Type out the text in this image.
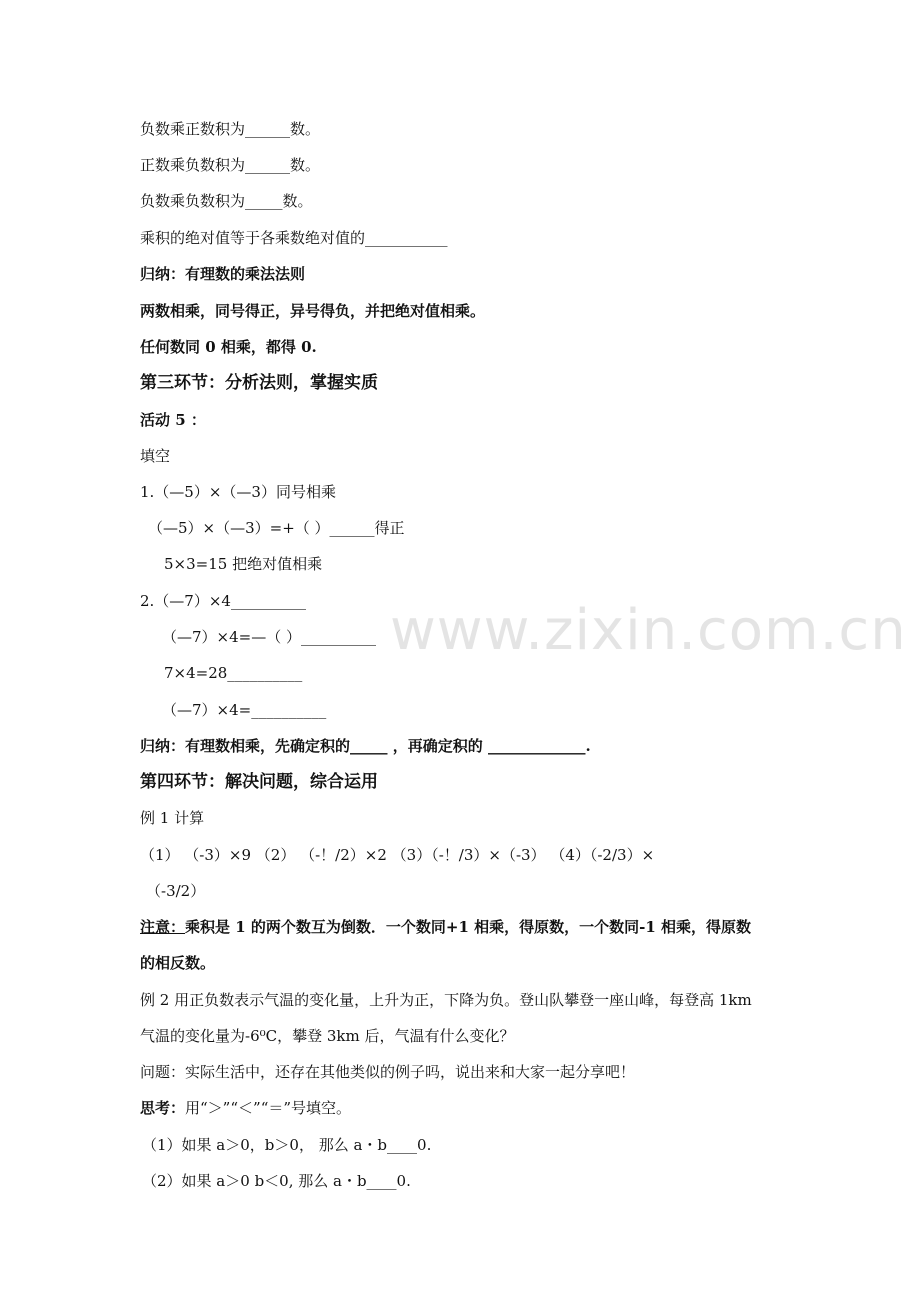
www.zixin.com.cn
负数乘正数积为______数。
正数乘负数积为______数。
负数乘负数积为_____数。
乘积的绝对值等于各乘数绝对值的___________
归纳：有理数的乘法法则
两数相乘，同号得正，异号得负，并把绝对值相乘。
任何数同 0 相乘，都得 0.
第三环节：分析法则，掌握实质
活动 5 ：
填空
1.（—5）×（—3）同号相乘
（—5）×（—3）=+（ ）______得正
5×3=15 把绝对值相乘
2.（—7）×4__________
（—7）×4=—（ ）__________
7×4=28__________
（—7）×4=__________
归纳：有理数相乘，先确定积的_____ ，再确定积的 _____________.
第四环节：解决问题，综合运用
例 1 计算
（1） （-3）×9 （2） （-！/2）×2 （3）（-！/3）×（-3） （4）（-2/3）×
（-3/2）
注意：乘积是 1 的两个数互为倒数．一个数同+1 相乘，得原数，一个数同-1 相乘，得原数
的相反数。
例 2 用正负数表示气温的变化量，上升为正，下降为负。登山队攀登一座山峰，每登高 1km
气温的变化量为-6⁰C，攀登 3km 后，气温有什么变化？
问题：实际生活中，还存在其他类似的例子吗，说出来和大家一起分享吧！
思考：用“＞”“＜”“＝”号填空。
（1）如果 a＞0，b＞0， 那么 a・b____0.
（2）如果 a＞0 b＜0, 那么 a・b____0.
